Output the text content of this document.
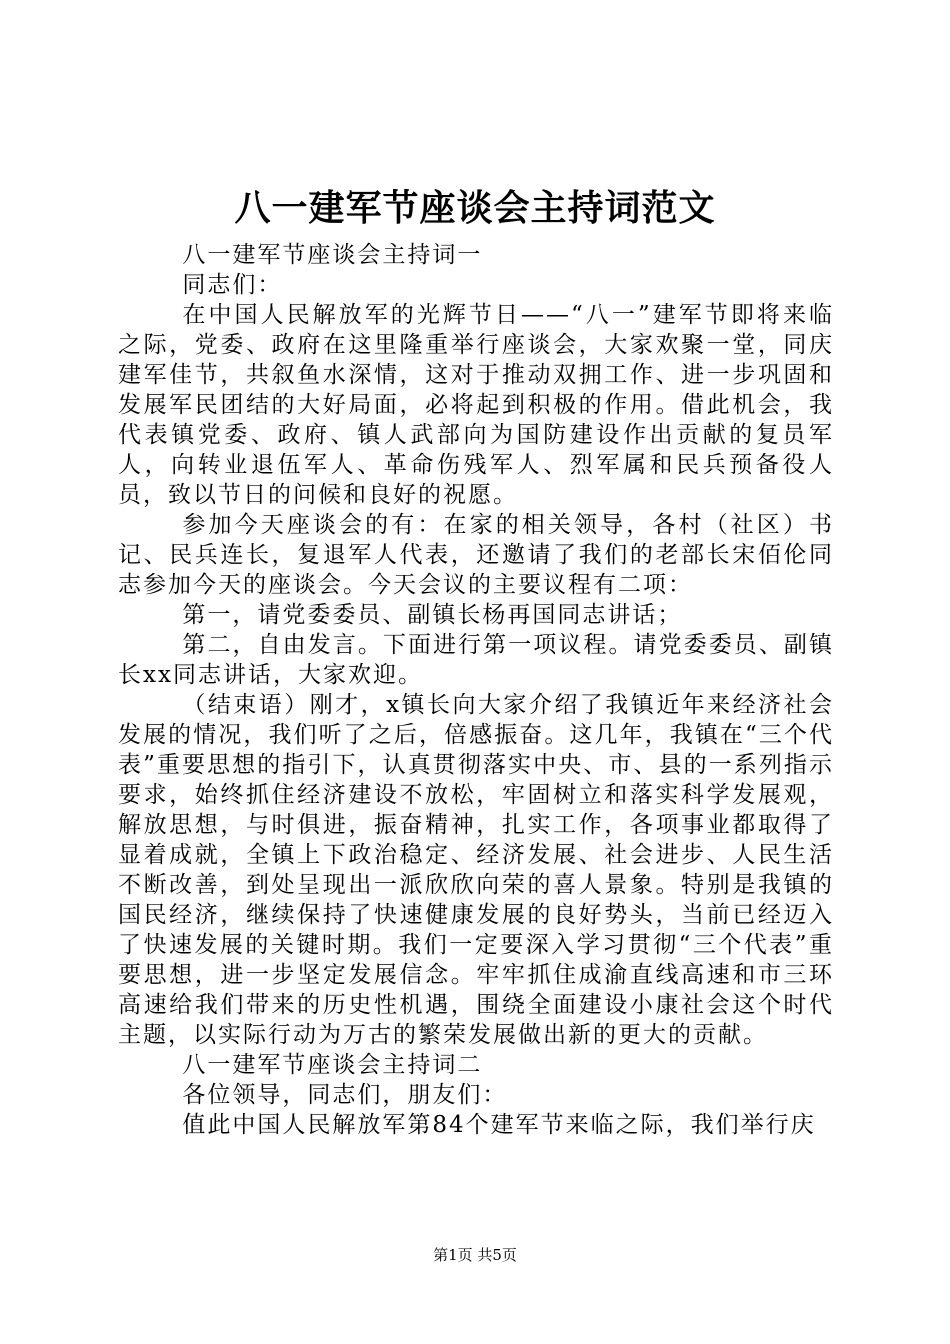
八一建军节座谈会主持词范文

八一建军节座谈会主持词一

同志们：

在中国人民解放军的光辉节日——“八一”建军节即将来临之际，党委、政府在这里隆重举行座谈会，大家欢聚一堂，同庆建军佳节，共叙鱼水深情，这对于推动双拥工作、进一步巩固和发展军民团结的大好局面，必将起到积极的作用。借此机会，我代表镇党委、政府、镇人武部向为国防建设作出贡献的复员军人，向转业退伍军人、革命伤残军人、烈军属和民兵预备役人员，致以节日的问候和良好的祝愿。

参加今天座谈会的有：在家的相关领导，各村（社区）书记、民兵连长，复退军人代表，还邀请了我们的老部长宋佰伦同志参加今天的座谈会。今天会议的主要议程有二项：

第一，请党委委员、副镇长杨再国同志讲话；

第二，自由发言。下面进行第一项议程。请党委委员、副镇长xx同志讲话，大家欢迎。

（结束语）刚才，x镇长向大家介绍了我镇近年来经济社会发展的情况，我们听了之后，倍感振奋。这几年，我镇在“三个代表”重要思想的指引下，认真贯彻落实中央、市、县的一系列指示要求，始终抓住经济建设不放松，牢固树立和落实科学发展观，解放思想，与时俱进，振奋精神，扎实工作，各项事业都取得了显着成就，全镇上下政治稳定、经济发展、社会进步、人民生活不断改善，到处呈现出一派欣欣向荣的喜人景象。特别是我镇的国民经济，继续保持了快速健康发展的良好势头，当前已经迈入了快速发展的关键时期。我们一定要深入学习贯彻“三个代表”重要思想，进一步坚定发展信念。牢牢抓住成渝直线高速和市三环高速给我们带来的历史性机遇，围绕全面建设小康社会这个时代主题，以实际行动为万古的繁荣发展做出新的更大的贡献。

八一建军节座谈会主持词二

各位领导，同志们，朋友们：

值此中国人民解放军第84个建军节来临之际，我们举行庆

第1页 共5页
